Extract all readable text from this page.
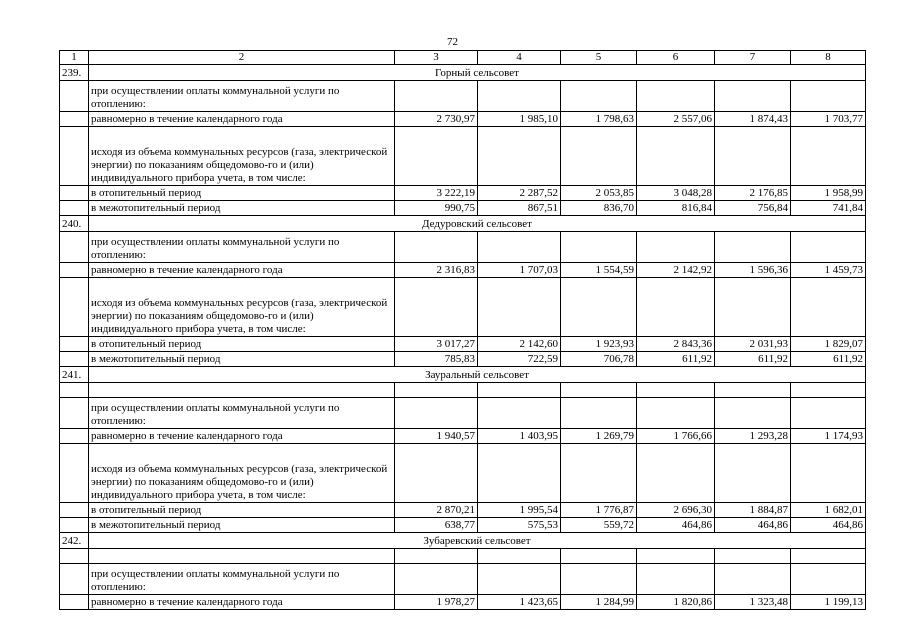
72
1	2	3	4	5	6	7	8
239.	Горный сельсовет						
	при осуществлении оплаты коммунальной услуги по отоплению:						
	равномерно в течение календарного года	2 730,97	1 985,10	1 798,63	2 557,06	1 874,43	1 703,77
	исходя из объема коммунальных ресурсов (газа, электрической энергии) по показаниям общедомово-го и (или) индивидуального прибора учета, в том числе:						
	в отопительный период	3 222,19	2 287,52	2 053,85	3 048,28	2 176,85	1 958,99
	в межотопительный период	990,75	867,51	836,70	816,84	756,84	741,84
240.	Дедуровский сельсовет						
	при осуществлении оплаты коммунальной услуги по отоплению:						
	равномерно в течение календарного года	2 316,83	1 707,03	1 554,59	2 142,92	1 596,36	1 459,73
	исходя из объема коммунальных ресурсов (газа, электрической энергии) по показаниям общедомово-го и (или) индивидуального прибора учета, в том числе:						
	в отопительный период	3 017,27	2 142,60	1 923,93	2 843,36	2 031,93	1 829,07
	в межотопительный период	785,83	722,59	706,78	611,92	611,92	611,92
241.	Зауральный сельсовет						

	при осуществлении оплаты коммунальной услуги по отоплению:						
	равномерно в течение календарного года	1 940,57	1 403,95	1 269,79	1 766,66	1 293,28	1 174,93
	исходя из объема коммунальных ресурсов (газа, электрической энергии) по показаниям общедомово-го и (или) индивидуального прибора учета, в том числе:						
	в отопительный период	2 870,21	1 995,54	1 776,87	2 696,30	1 884,87	1 682,01
	в межотопительный период	638,77	575,53	559,72	464,86	464,86	464,86
242.	Зубаревский сельсовет						

	при осуществлении оплаты коммунальной услуги по отоплению:						
	равномерно в течение календарного года	1 978,27	1 423,65	1 284,99	1 820,86	1 323,48	1 199,13
